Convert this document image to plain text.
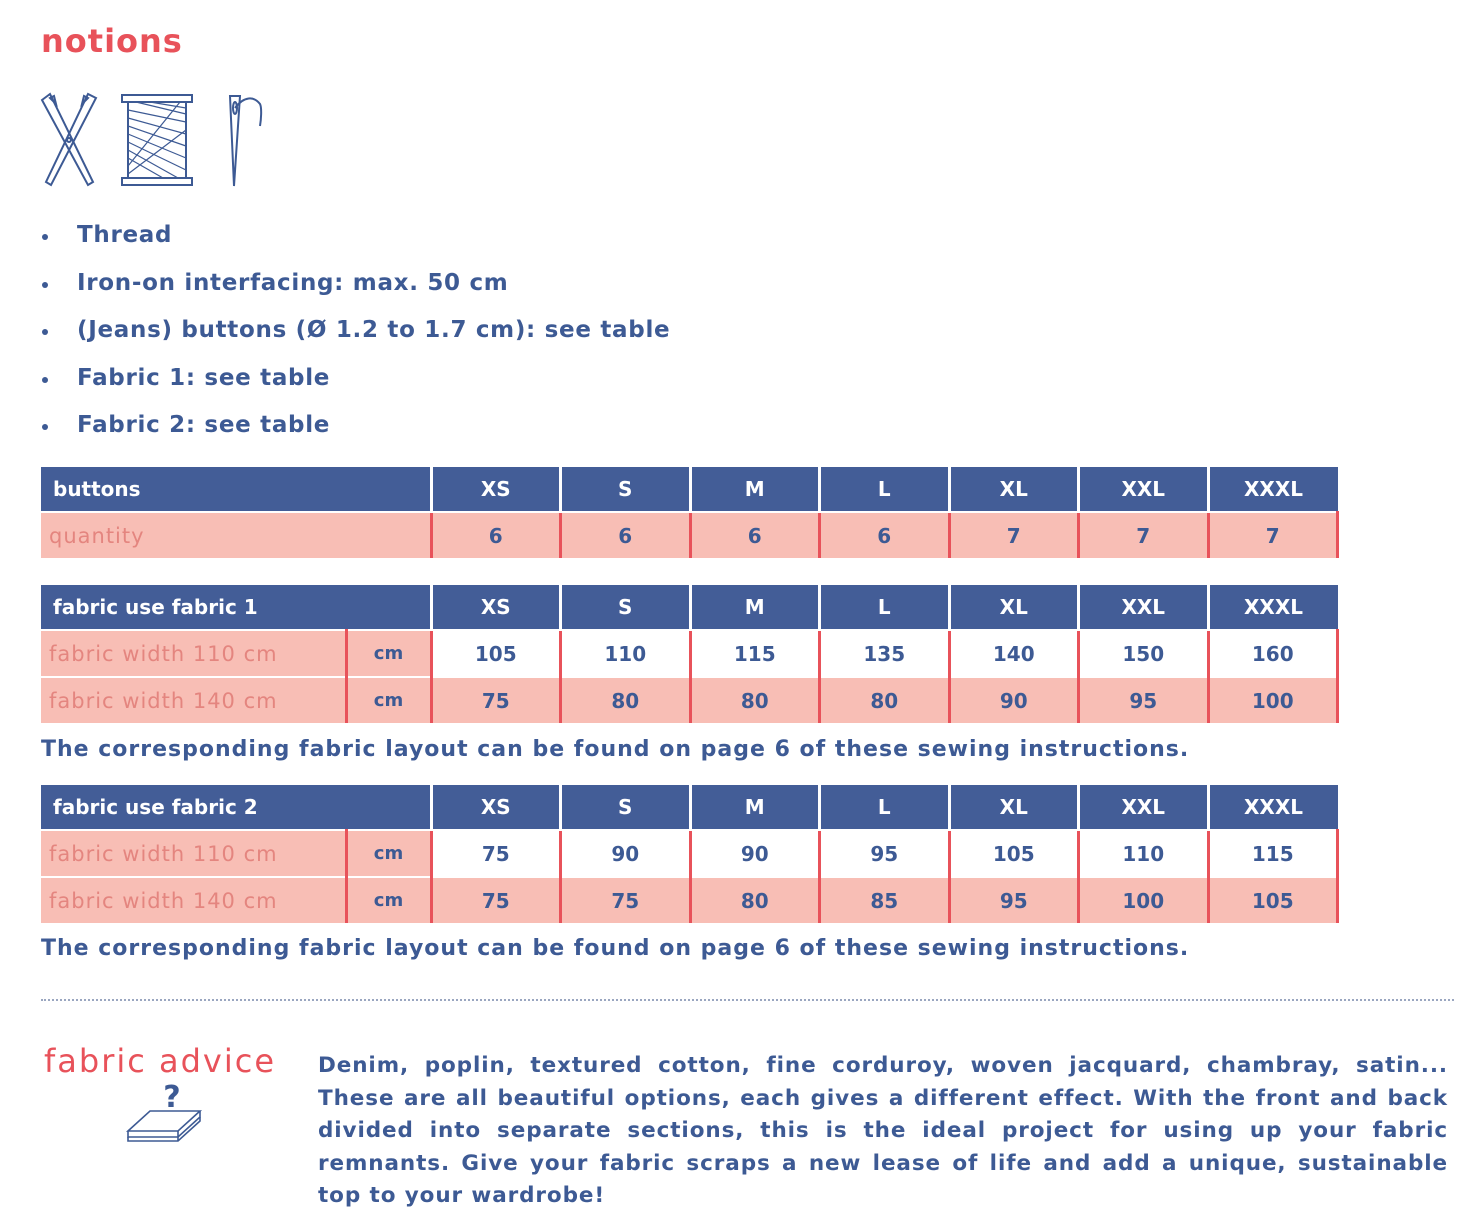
notions
Thread
Iron-on interfacing: max. 50 cm
(Jeans) buttons (Ø 1.2 to 1.7 cm): see table
Fabric 1: see table
Fabric 2: see table
buttons	XS	S	M	L	XL	XXL	XXXL
quantity	6	6	6	6	7	7	7
fabric use fabric 1		XS	S	M	L	XL	XXL	XXXL
fabric width 110 cm	cm	105	110	115	135	140	150	160
fabric width 140 cm	cm	75	80	80	80	90	95	100

The corresponding fabric layout can be found on page 6 of these sewing instructions.

fabric use fabric 2		XS	S	M	L	XL	XXL	XXXL
fabric width 110 cm	cm	75	90	90	95	105	110	115
fabric width 140 cm	cm	75	75	80	85	95	100	105

The corresponding fabric layout can be found on page 6 of these sewing instructions.

fabric advice
?

Denim, poplin, textured cotton, fine corduroy, woven jacquard, chambray, satin... These are all beautiful options, each gives a different effect. With the front and back divided into separate sections, this is the ideal project for using up your fabric remnants. Give your fabric scraps a new lease of life and add a unique, sustainable top to your wardrobe!
